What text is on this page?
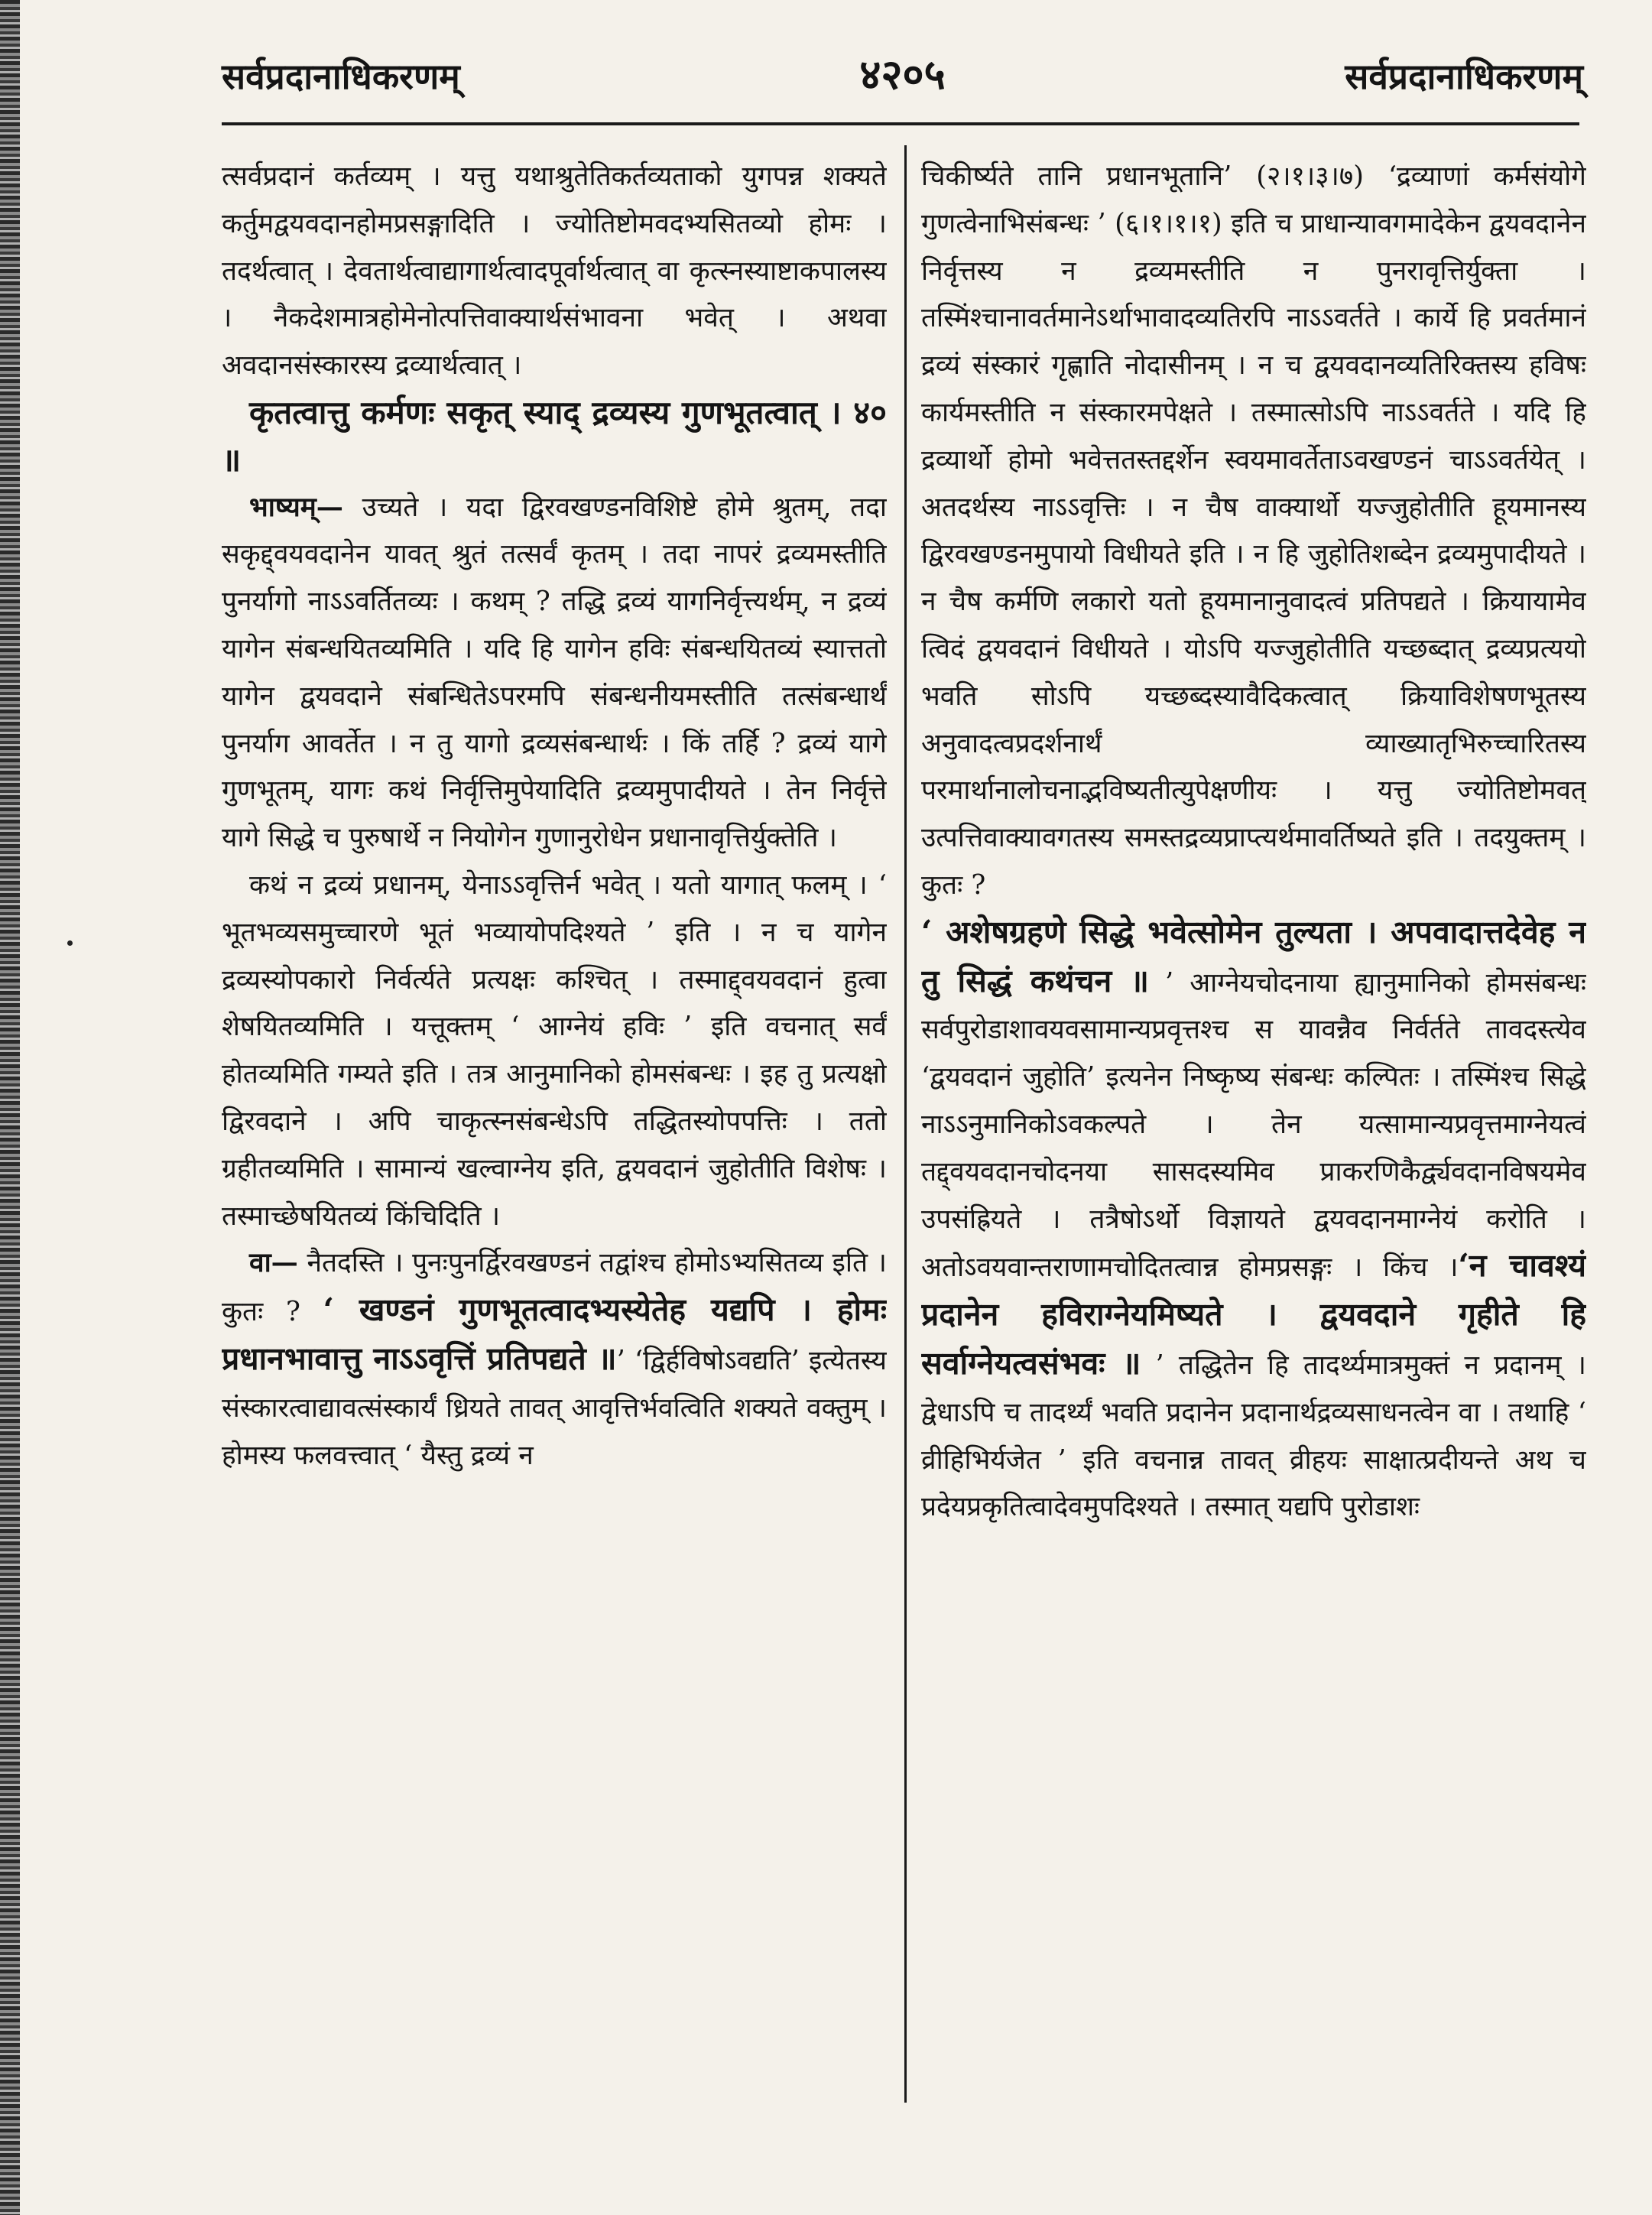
सर्वप्रदानाधिकरणम्	४२०५	सर्वप्रदानाधिकरणम्

त्सर्वप्रदानं कर्तव्यम् । यत्तु यथाश्रुतेतिकर्तव्यताको युगपन्न शक्यते कर्तुमद्वयवदानहोमप्रसङ्गादिति । ज्योतिष्टोमवदभ्यसितव्यो होमः । तदर्थत्वात् । देवतार्थत्वाद्यागार्थत्वादपूर्वार्थत्वात् वा कृत्स्नस्याष्टाकपालस्य । नैकदेशमात्रहोमेनोत्पत्तिवाक्यार्थसंभावना भवेत् । अथवा अवदानसंस्कारस्य द्रव्यार्थत्वात् ।

कृतत्वात्तु कर्मणः सकृत् स्याद् द्रव्यस्य गुणभूतत्वात् । ४० ॥

भाष्यम्— उच्यते । यदा द्विरवखण्डनविशिष्टे होमे श्रुतम्, तदा सकृद्द्वयवदानेन यावत् श्रुतं तत्सर्वं कृतम् । तदा नापरं द्रव्यमस्तीति पुनर्यागो नाऽऽवर्तितव्यः । कथम् ? तद्धि द्रव्यं यागनिर्वृत्त्यर्थम्, न द्रव्यं यागेन संबन्धयितव्यमिति । यदि हि यागेन हविः संबन्धयितव्यं स्यात्ततो यागेन द्वयवदाने संबन्धितेऽपरमपि संबन्धनीयमस्तीति तत्संबन्धार्थं पुनर्याग आवर्तेत । न तु यागो द्रव्यसंबन्धार्थः । किं तर्हि ? द्रव्यं यागे गुणभूतम्, यागः कथं निर्वृत्तिमुपेयादिति द्रव्यमुपादीयते । तेन निर्वृत्ते यागे सिद्धे च पुरुषार्थे न नियोगेन गुणानुरोधेन प्रधानावृत्तिर्युक्तेति ।

कथं न द्रव्यं प्रधानम्, येनाऽऽवृत्तिर्न भवेत् । यतो यागात् फलम् । ‘ भूतभव्यसमुच्चारणे भूतं भव्यायोपदिश्यते ’ इति । न च यागेन द्रव्यस्योपकारो निर्वर्त्यते प्रत्यक्षः कश्चित् । तस्माद्द्वयवदानं हुत्वा शेषयितव्यमिति । यत्तूक्तम् ‘ आग्नेयं हविः ’ इति वचनात् सर्वं होतव्यमिति गम्यते इति । तत्र आनुमानिको होमसंबन्धः । इह तु प्रत्यक्षो द्विरवदाने । अपि चाकृत्स्नसंबन्धेऽपि तद्धितस्योपपत्तिः । ततो ग्रहीतव्यमिति । सामान्यं खल्वाग्नेय इति, द्वयवदानं जुहोतीति विशेषः । तस्माच्छेषयितव्यं किंचिदिति ।

वा— नैतदस्ति । पुनःपुनर्द्विरवखण्डनं तद्वांश्च होमोऽभ्यसितव्य इति । कुतः ? ‘ खण्डनं गुणभूतत्वादभ्यस्येतेह यद्यपि । होमः प्रधानभावात्तु नाऽऽवृत्तिं प्रतिपद्यते ॥’ ‘द्विर्हविषोऽवद्यति’ इत्येतस्य संस्कारत्वाद्यावत्संस्कार्यं ध्रियते तावत् आवृत्तिर्भवत्विति शक्यते वक्तुम् । होमस्य फलवत्त्वात् ‘ यैस्तु द्रव्यं न

चिकीर्ष्यते तानि प्रधानभूतानि’ (२।१।३।७) ‘द्रव्याणां कर्मसंयोगे गुणत्वेनाभिसंबन्धः ’ (६।१।१।१) इति च प्राधान्यावगमादेकेन द्वयवदानेन निर्वृत्तस्य न द्रव्यमस्तीति न पुनरावृत्तिर्युक्ता । तस्मिंश्चानावर्तमानेऽर्थाभावादव्यतिरपि नाऽऽवर्तते । कार्ये हि प्रवर्तमानं द्रव्यं संस्कारं गृह्णाति नोदासीनम् । न च द्वयवदानव्यतिरिक्तस्य हविषः कार्यमस्तीति न संस्कारमपेक्षते । तस्मात्सोऽपि नाऽऽवर्तते । यदि हि द्रव्यार्थो होमो भवेत्ततस्तद्दर्शेन स्वयमावर्तेताऽवखण्डनं चाऽऽवर्तयेत् । अतदर्थस्य नाऽऽवृत्तिः । न चैष वाक्यार्थो यज्जुहोतीति हूयमानस्य द्विरवखण्डनमुपायो विधीयते इति । न हि जुहोतिशब्देन द्रव्यमुपादीयते । न चैष कर्मणि लकारो यतो हूयमानानुवादत्वं प्रतिपद्यते । क्रियायामेव त्विदं द्वयवदानं विधीयते । योऽपि यज्जुहोतीति यच्छब्दात् द्रव्यप्रत्ययो भवति सोऽपि यच्छब्दस्यावैदिकत्वात् क्रियाविशेषणभूतस्य अनुवादत्वप्रदर्शनार्थं व्याख्यातृभिरुच्चारितस्य परमार्थानालोचनाद्भविष्यतीत्युपेक्षणीयः । यत्तु ज्योतिष्टोमवत् उत्पत्तिवाक्यावगतस्य समस्तद्रव्यप्राप्त्यर्थमावर्तिष्यते इति । तदयुक्तम् । कुतः ?
‘ अशेषग्रहणे सिद्धे भवेत्सोमेन तुल्यता । अपवादात्तदेवेह न तु सिद्धं कथंचन ॥ ’ आग्नेयचोदनाया ह्यानुमानिको होमसंबन्धः सर्वपुरोडाशावयवसामान्यप्रवृत्तश्च स यावन्नैव निर्वर्तते तावदस्त्येव ‘द्वयवदानं जुहोति’ इत्यनेन निष्कृष्य संबन्धः कल्पितः । तस्मिंश्च सिद्धे नाऽऽनुमानिकोऽवकल्पते । तेन यत्सामान्यप्रवृत्तमाग्नेयत्वं तद्द्वयवदानचोदनया सासदस्यमिव प्राकरणिकैर्द्व्यवदानविषयमेव उपसंह्रियते । तत्रैषोऽर्थो विज्ञायते द्वयवदानमाग्नेयं करोति । अतोऽवयवान्तराणामचोदितत्वान्न होमप्रसङ्गः । किंच ।‘न चावश्यं प्रदानेन हविराग्नेयमिष्यते । द्वयवदाने गृहीते हि सर्वाग्नेयत्वसंभवः ॥ ’ तद्धितेन हि तादर्थ्यमात्रमुक्तं न प्रदानम् । द्वेधाऽपि च तादर्थ्यं भवति प्रदानेन प्रदानार्थद्रव्यसाधनत्वेन वा । तथाहि ‘ व्रीहिभिर्यजेत ’ इति वचनान्न तावत् व्रीहयः साक्षात्प्रदीयन्ते अथ च प्रदेयप्रकृतित्वादेवमुपदिश्यते । तस्मात् यद्यपि पुरोडाशः
